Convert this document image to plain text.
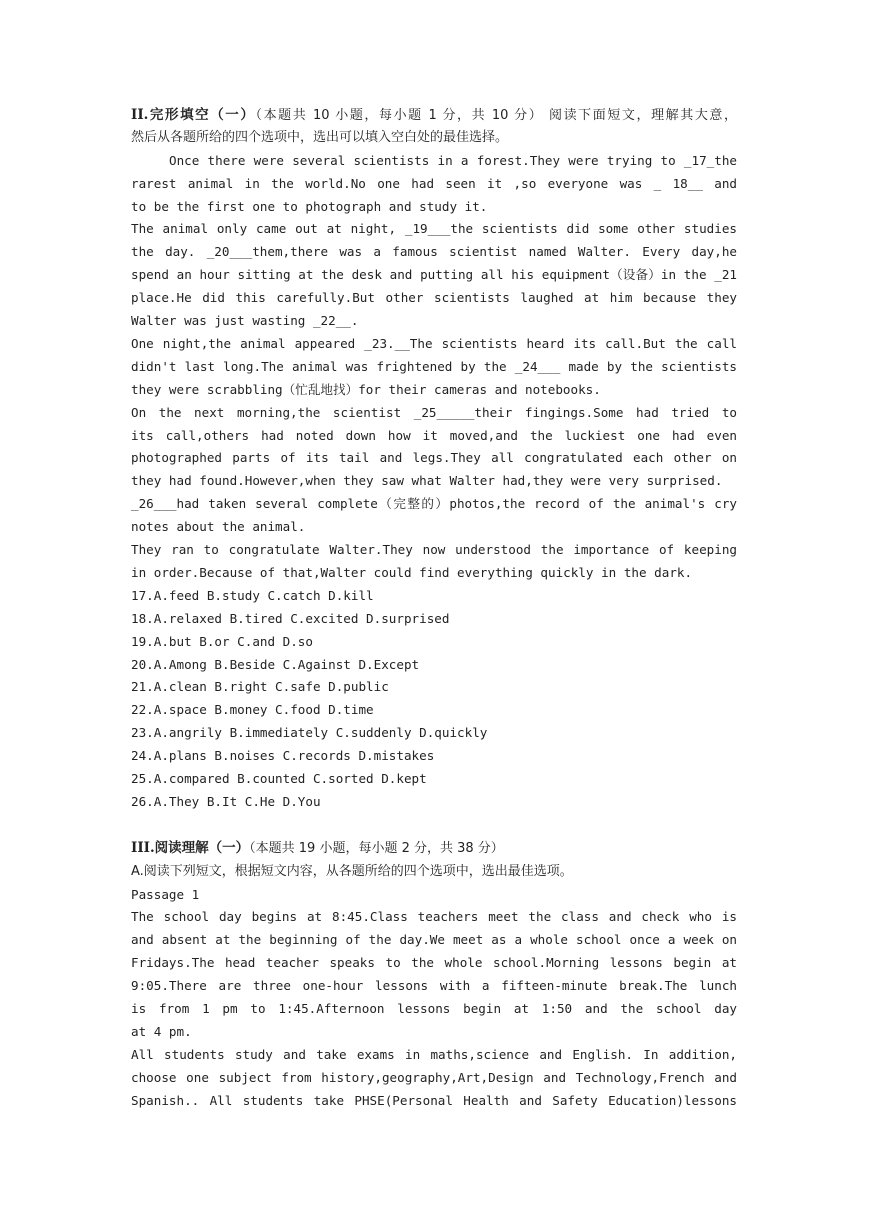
II.完形填空（一）（本题共 10 小题，每小题 1 分，共 10 分） 阅读下面短文，理解其大意，
然后从各题所给的四个选项中，选出可以填入空白处的最佳选择。
Once there were several scientists in a forest.They were trying to _17_the
rarest animal in the world.No one had seen it ,so everyone was _ 18__ and
to be the first one to photograph and study it.
The animal only came out at night, _19___the scientists did some other studies
the day. _20___them,there was a famous scientist named Walter. Every day,he
spend an hour sitting at the desk and putting all his equipment（设备）in the _21
place.He did this carefully.But other scientists laughed at him because they
Walter was just wasting _22__.
One night,the animal appeared _23.__The scientists heard its call.But the call
didn't last long.The animal was frightened by the _24___ made by the scientists
they were scrabbling（忙乱地找）for their cameras and notebooks.
On the next morning,the scientist _25_____their fingings.Some had tried to
its call,others had noted down how it moved,and the luckiest one had even
photographed parts of its tail and legs.They all congratulated each other on
they had found.However,when they saw what Walter had,they were very surprised.
_26___had taken several complete（完整的）photos,the record of the animal's cry
notes about the animal.
They ran to congratulate Walter.They now understood the importance of keeping
in order.Because of that,Walter could find everything quickly in the dark.
17.A.feed B.study C.catch D.kill
18.A.relaxed B.tired C.excited D.surprised
19.A.but B.or C.and D.so
20.A.Among B.Beside C.Against D.Except
21.A.clean B.right C.safe D.public
22.A.space B.money C.food D.time
23.A.angrily B.immediately C.suddenly D.quickly
24.A.plans B.noises C.records D.mistakes
25.A.compared B.counted C.sorted D.kept
26.A.They B.It C.He D.You
III.阅读理解（一）（本题共 19 小题，每小题 2 分，共 38 分）
A.阅读下列短文，根据短文内容，从各题所给的四个选项中，选出最佳选项。
Passage 1
The school day begins at 8:45.Class teachers meet the class and check who is
and absent at the beginning of the day.We meet as a whole school once a week on
Fridays.The head teacher speaks to the whole school.Morning lessons begin at
9:05.There are three one-hour lessons with a fifteen-minute break.The lunch
is from 1 pm to 1:45.Afternoon lessons begin at 1:50 and the school day
at 4 pm.
All students study and take exams in maths,science and English. In addition,
choose one subject from history,geography,Art,Design and Technology,French and
Spanish.. All students take PHSE(Personal Health and Safety Education)lessons
